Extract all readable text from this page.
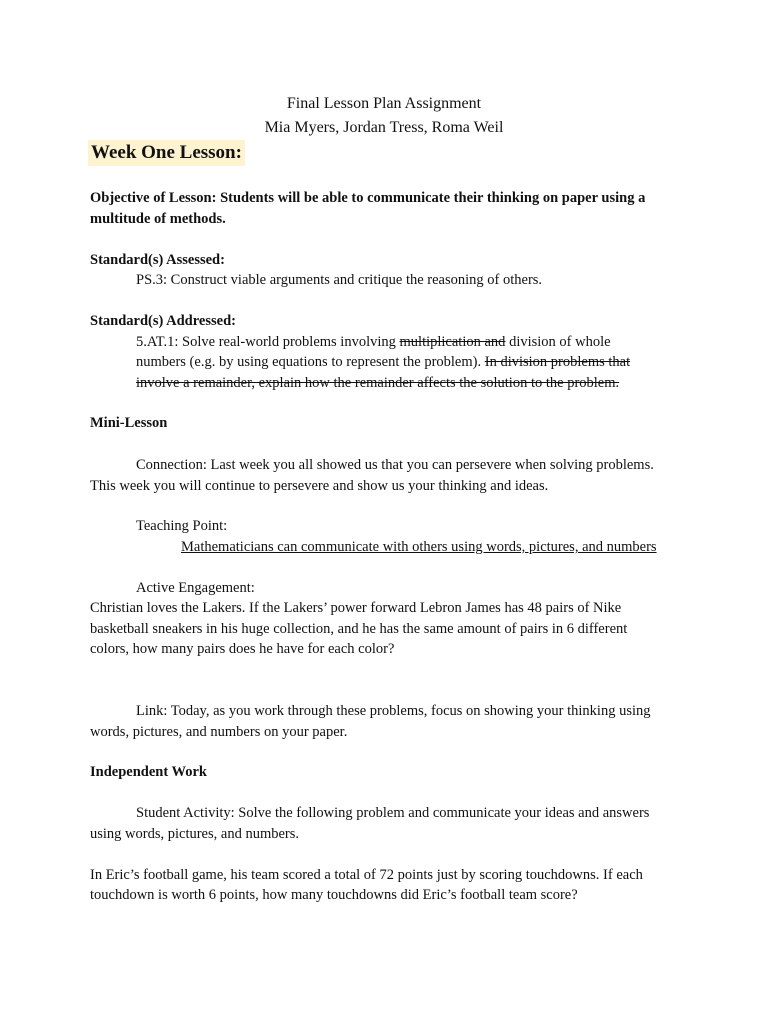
Final Lesson Plan Assignment
Mia Myers, Jordan Tress, Roma Weil
Week One Lesson:
Objective of Lesson: Students will be able to communicate their thinking on paper using a
multitude of methods.
Standard(s) Assessed:
PS.3: Construct viable arguments and critique the reasoning of others.
Standard(s) Addressed:
5.AT.1: Solve real-world problems involving multiplication and division of whole
numbers (e.g. by using equations to represent the problem). In division problems that
involve a remainder, explain how the remainder affects the solution to the problem.
Mini-Lesson
Connection: Last week you all showed us that you can persevere when solving problems.
This week you will continue to persevere and show us your thinking and ideas.
Teaching Point:
Mathematicians can communicate with others using words, pictures, and numbers
Active Engagement:
Christian loves the Lakers. If the Lakers’ power forward Lebron James has 48 pairs of Nike
basketball sneakers in his huge collection, and he has the same amount of pairs in 6 different
colors, how many pairs does he have for each color?
Link: Today, as you work through these problems, focus on showing your thinking using
words, pictures, and numbers on your paper.
Independent Work
Student Activity: Solve the following problem and communicate your ideas and answers
using words, pictures, and numbers.
In Eric’s football game, his team scored a total of 72 points just by scoring touchdowns. If each
touchdown is worth 6 points, how many touchdowns did Eric’s football team score?
